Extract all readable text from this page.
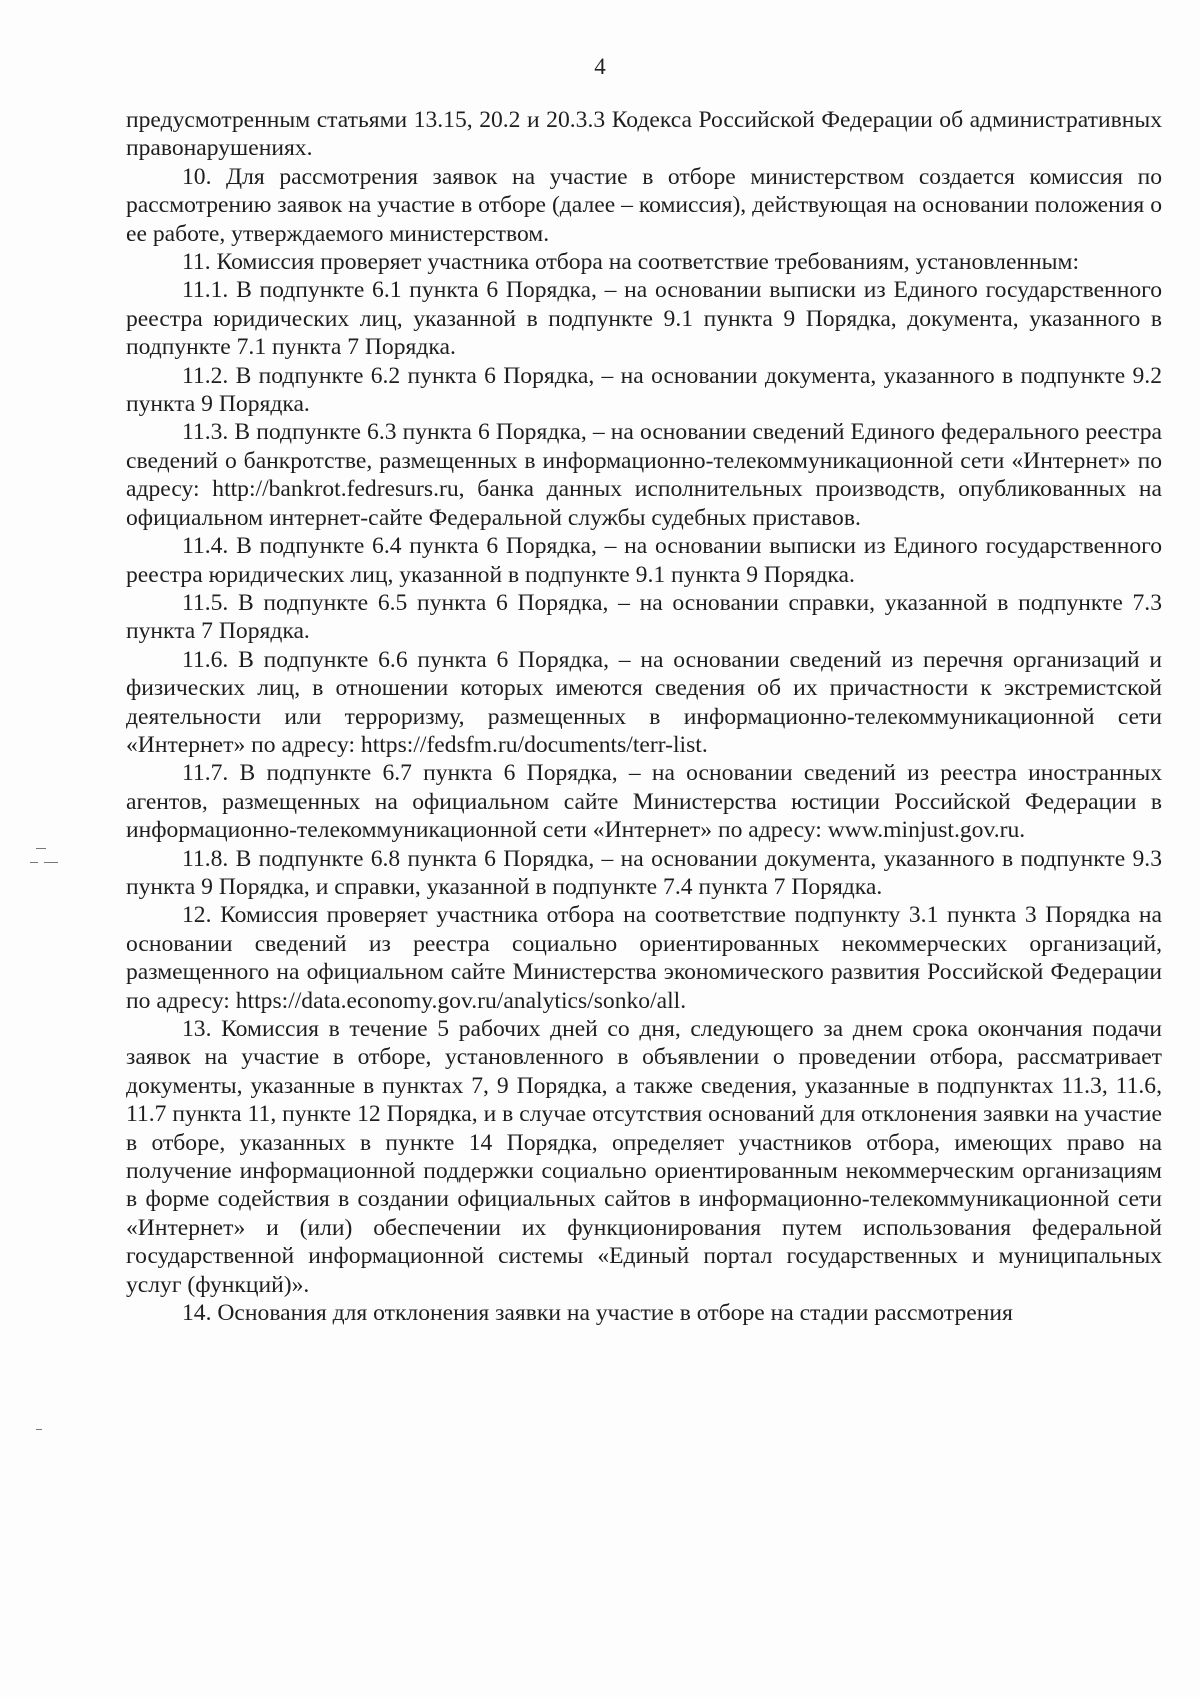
4

предусмотренным статьями 13.15, 20.2 и 20.3.3 Кодекса Российской Федерации об административных правонарушениях.

10. Для рассмотрения заявок на участие в отборе министерством создается комиссия по рассмотрению заявок на участие в отборе (далее – комиссия), действующая на основании положения о ее работе, утверждаемого министерством.

11. Комиссия проверяет участника отбора на соответствие требованиям, установленным:

11.1. В подпункте 6.1 пункта 6 Порядка, – на основании выписки из Единого государственного реестра юридических лиц, указанной в подпункте 9.1 пункта 9 Порядка, документа, указанного в подпункте 7.1 пункта 7 Порядка.

11.2. В подпункте 6.2 пункта 6 Порядка, – на основании документа, указанного в подпункте 9.2 пункта 9 Порядка.

11.3. В подпункте 6.3 пункта 6 Порядка, – на основании сведений Единого федерального реестра сведений о банкротстве, размещенных в информационно-телекоммуникационной сети «Интернет» по адресу: http://bankrot.fedresurs.ru, банка данных исполнительных производств, опубликованных на официальном интернет-сайте Федеральной службы судебных приставов.

11.4. В подпункте 6.4 пункта 6 Порядка, – на основании выписки из Единого государственного реестра юридических лиц, указанной в подпункте 9.1 пункта 9 Порядка.

11.5. В подпункте 6.5 пункта 6 Порядка, – на основании справки, указанной в подпункте 7.3 пункта 7 Порядка.

11.6. В подпункте 6.6 пункта 6 Порядка, – на основании сведений из перечня организаций и физических лиц, в отношении которых имеются сведения об их причастности к экстремистской деятельности или терроризму, размещенных в информационно-телекоммуникационной сети «Интернет» по адресу: https://fedsfm.ru/documents/terr-list.

11.7. В подпункте 6.7 пункта 6 Порядка, – на основании сведений из реестра иностранных агентов, размещенных на официальном сайте Министерства юстиции Российской Федерации в информационно-телекоммуникационной сети «Интернет» по адресу: www.minjust.gov.ru.

11.8. В подпункте 6.8 пункта 6 Порядка, – на основании документа, указанного в подпункте 9.3 пункта 9 Порядка, и справки, указанной в подпункте 7.4 пункта 7 Порядка.

12. Комиссия проверяет участника отбора на соответствие подпункту 3.1 пункта 3 Порядка на основании сведений из реестра социально ориентированных некоммерческих организаций, размещенного на официальном сайте Министерства экономического развития Российской Федерации по адресу: https://data.economy.gov.ru/analytics/sonko/all.

13. Комиссия в течение 5 рабочих дней со дня, следующего за днем срока окончания подачи заявок на участие в отборе, установленного в объявлении о проведении отбора, рассматривает документы, указанные в пунктах 7, 9 Порядка, а также сведения, указанные в подпунктах 11.3, 11.6, 11.7 пункта 11, пункте 12 Порядка, и в случае отсутствия оснований для отклонения заявки на участие в отборе, указанных в пункте 14 Порядка, определяет участников отбора, имеющих право на получение информационной поддержки социально ориентированным некоммерческим организациям в форме содействия в создании официальных сайтов в информационно-телекоммуникационной сети «Интернет» и (или) обеспечении их функционирования путем использования федеральной государственной информационной системы «Единый портал государственных и муниципальных услуг (функций)».

14. Основания для отклонения заявки на участие в отборе на стадии рассмотрения
